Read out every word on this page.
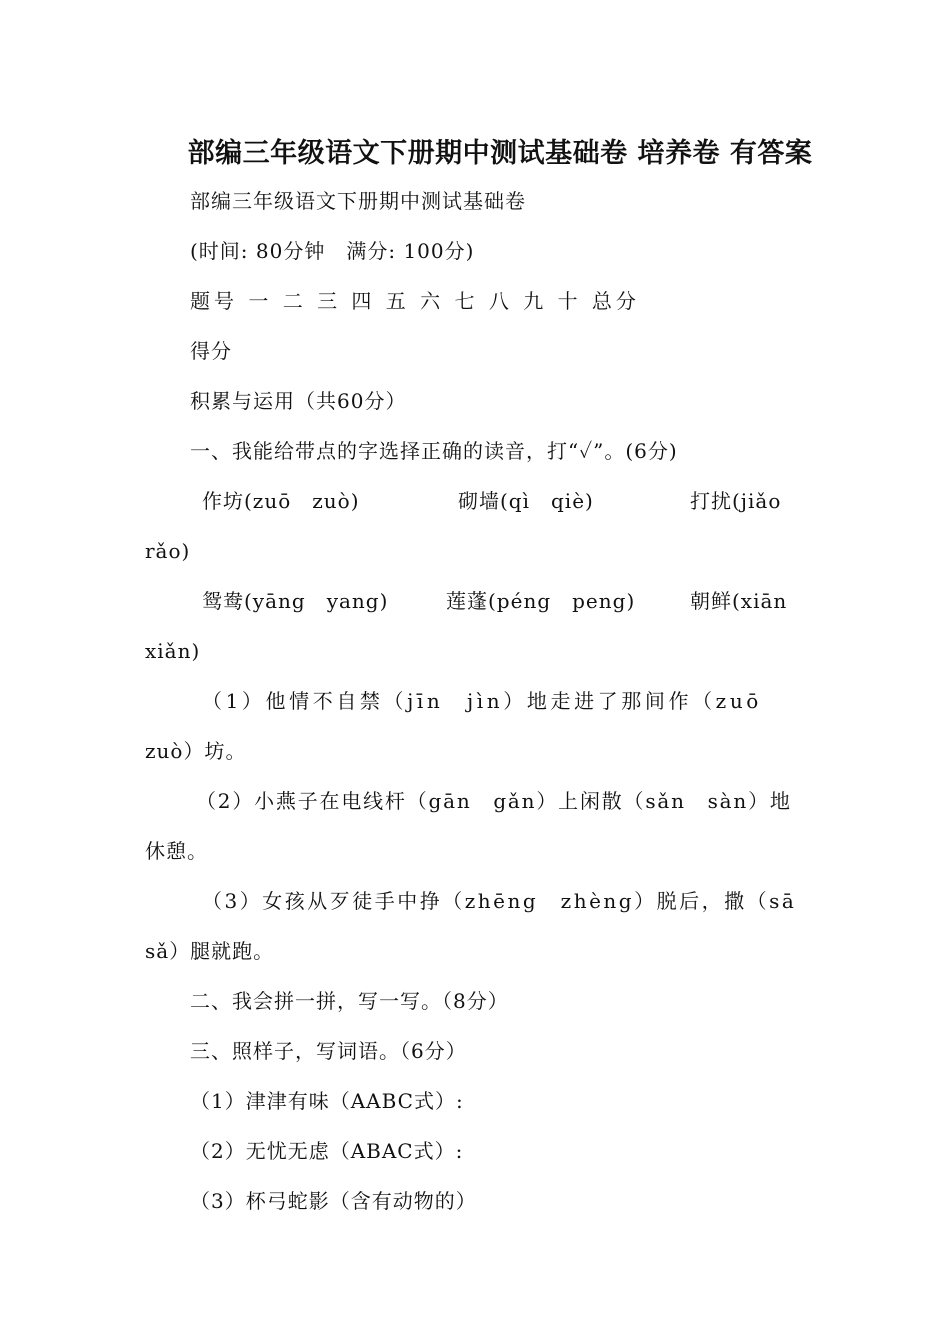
部编三年级语文下册期中测试基础卷 培养卷 有答案
部编三年级语文下册期中测试基础卷
(时间: 80分钟　满分: 100分)
题号 一 二 三 四 五 六 七 八 九 十 总分
得分
积累与运用（共60分）
一、我能给带点的字选择正确的读音，打“✓”。(6分)
作坊(zuō　zuò)	砌墙(qì　qiè)	打扰(jiǎo
rǎo)
鸳鸯(yāng　yang)	莲蓬(péng　peng)	朝鲜(xiān
xiǎn)
（1）他情不自禁（jīn　jìn）地走进了那间作（zuō
zuò）坊。
（2）小燕子在电线杆（gān　gǎn）上闲散（sǎn　sàn）地
休憩。
（3）女孩从歹徒手中挣（zhēng　zhèng）脱后，撒（sā
sǎ）腿就跑。
二、我会拼一拼，写一写。（8分）
三、照样子，写词语。（6分）
（1）津津有味（AABC式）:
（2）无忧无虑（ABAC式）:
（3）杯弓蛇影（含有动物的）
